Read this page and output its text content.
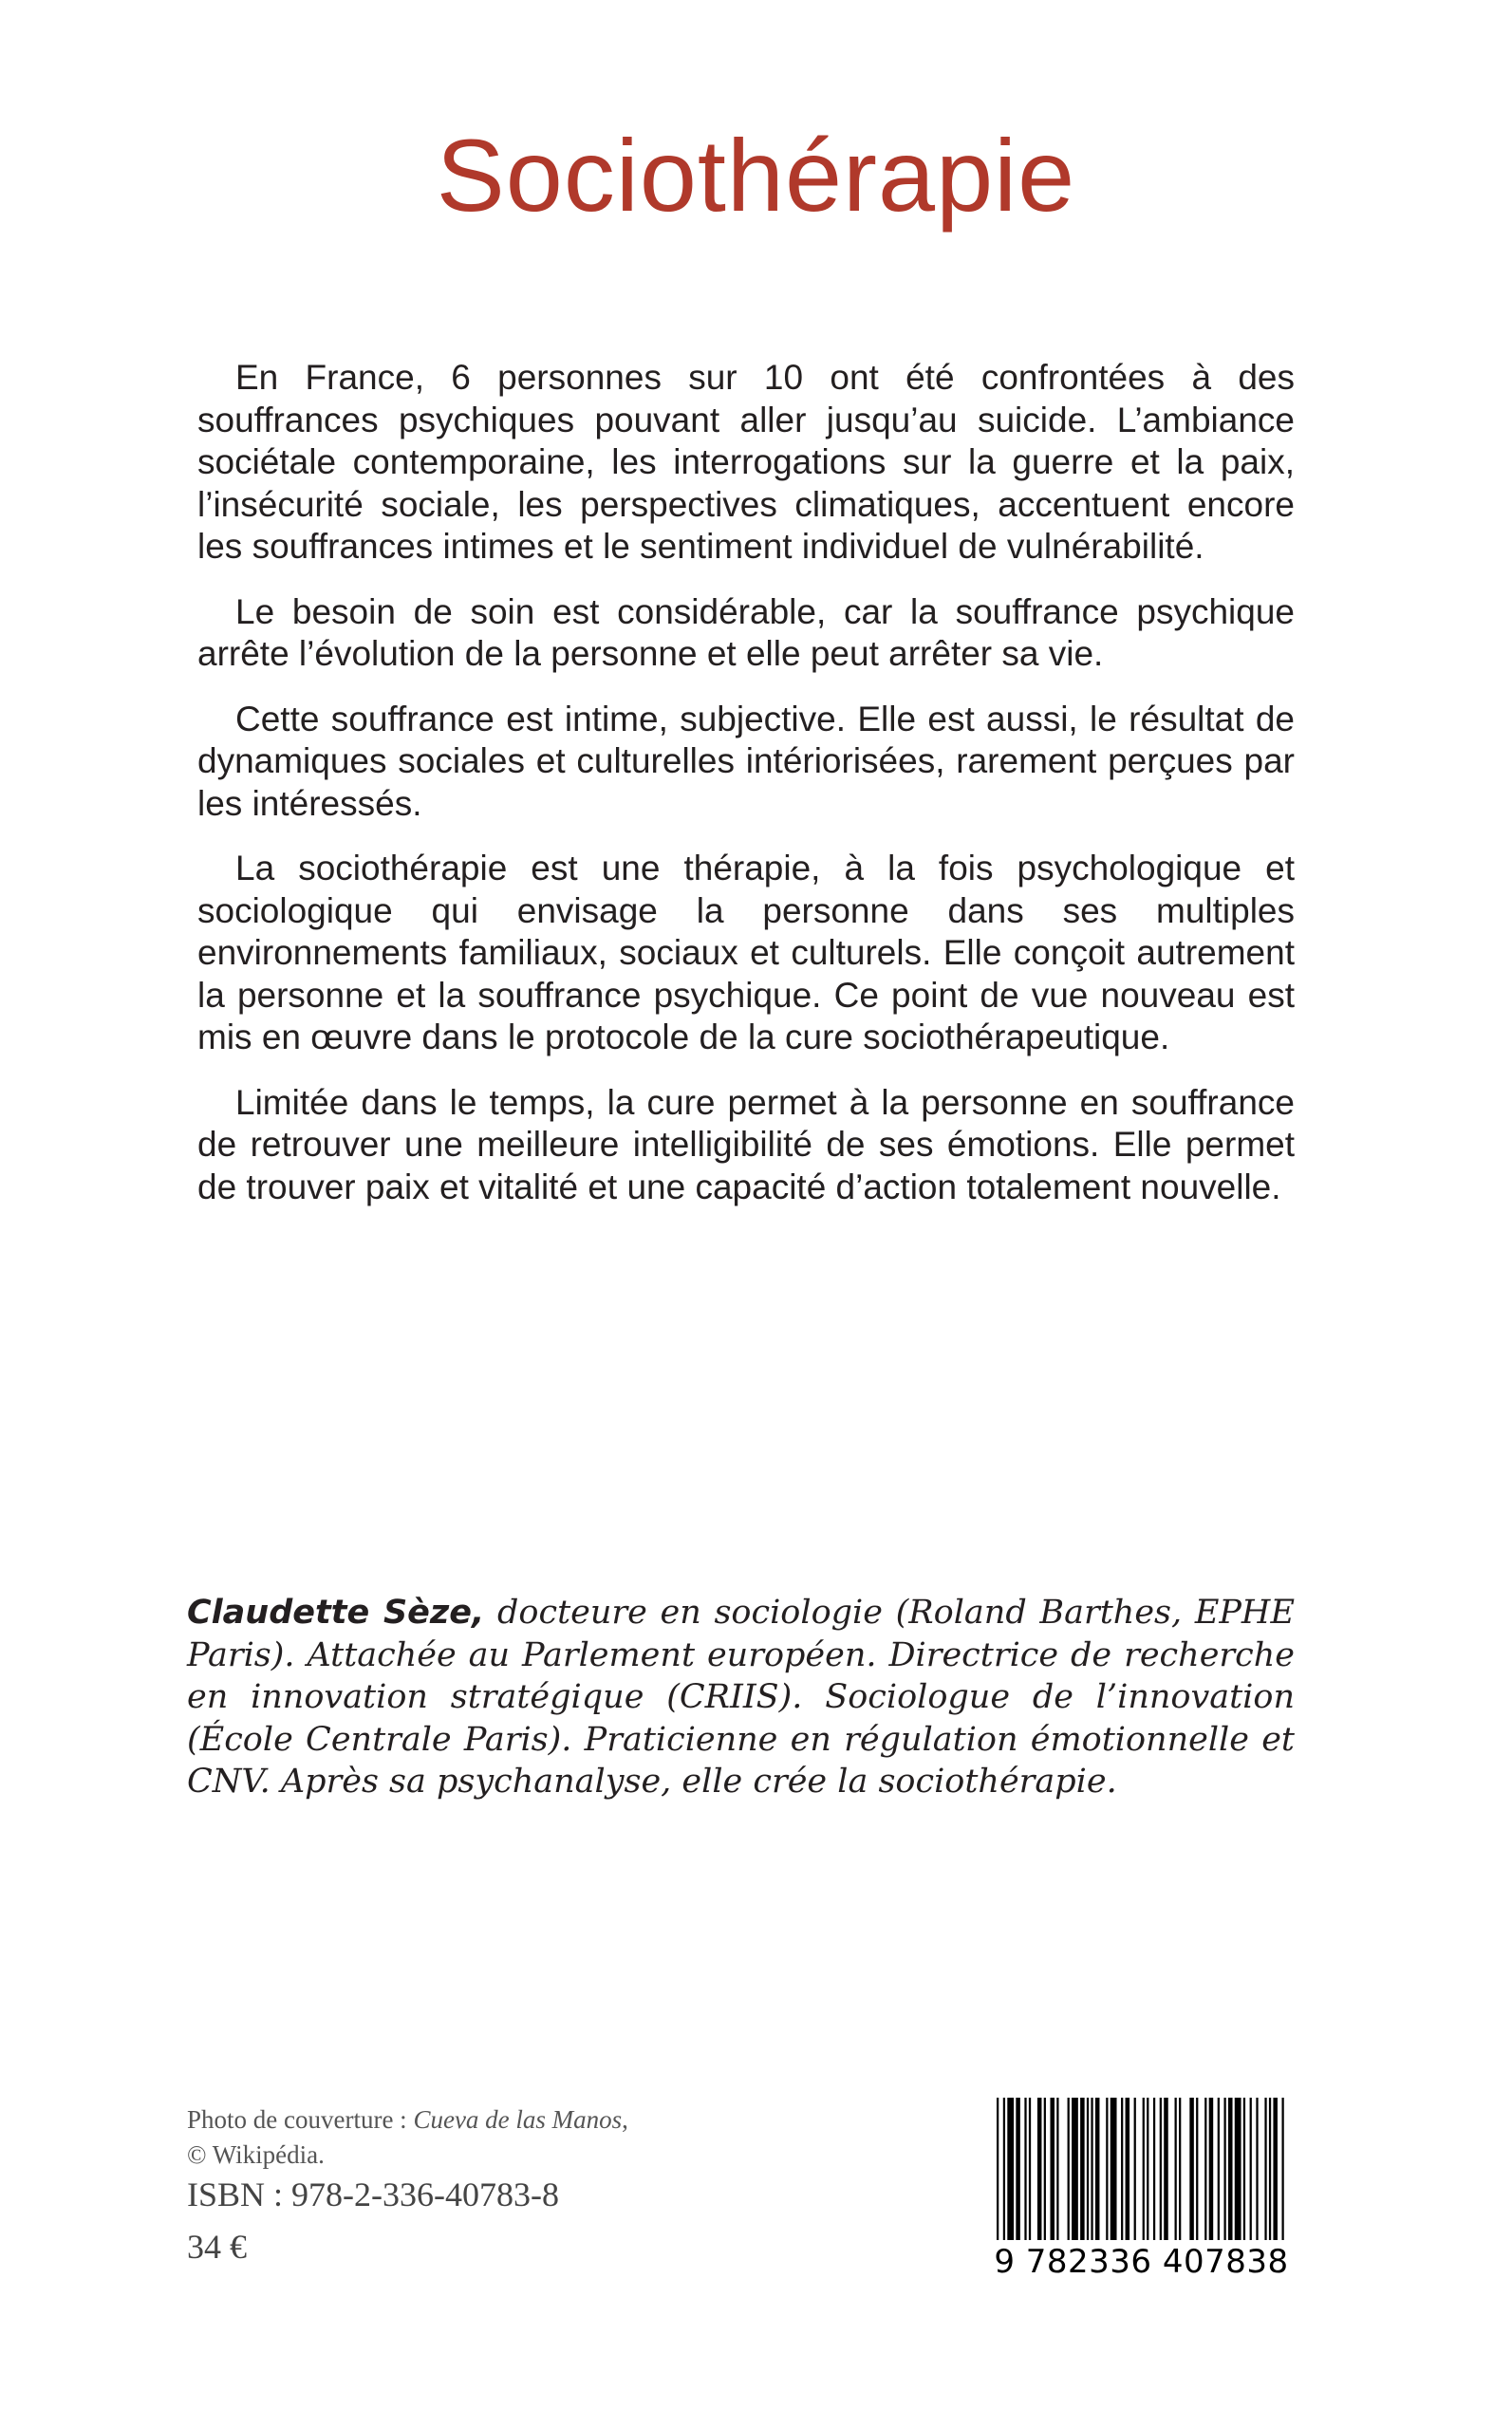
Sociothérapie

En France, 6 personnes sur 10 ont été confrontées à des souffrances psychiques pouvant aller jusqu’au suicide. L’ambiance sociétale contemporaine, les interrogations sur la guerre et la paix, l’insécurité sociale, les perspectives climatiques, accentuent encore les souffrances intimes et le sentiment individuel de vulnérabilité.

Le besoin de soin est considérable, car la souffrance psychique arrête l’évolution de la personne et elle peut arrêter sa vie.

Cette souffrance est intime, subjective. Elle est aussi, le résultat de dynamiques sociales et culturelles intériorisées, rarement perçues par les intéressés.

La sociothérapie est une thérapie, à la fois psychologique et sociologique qui envisage la personne dans ses multiples environnements familiaux, sociaux et culturels. Elle conçoit autrement la personne et la souffrance psychique. Ce point de vue nouveau est mis en œuvre dans le protocole de la cure sociothérapeutique.

Limitée dans le temps, la cure permet à la personne en souffrance de retrouver une meilleure intelligibilité de ses émotions. Elle permet de trouver paix et vitalité et une capacité d’action totalement nouvelle.

Claudette Sèze, docteure en sociologie (Roland Barthes, EPHE Paris). Attachée au Parlement européen. Directrice de recherche en innovation stratégique (CRIIS). Sociologue de l’innovation (École Centrale Paris). Praticienne en régulation émotionnelle et CNV. Après sa psychanalyse, elle crée la sociothérapie.

Photo de couverture : Cueva de las Manos,
© Wikipédia.
ISBN : 978-2-336-40783-8
34 €	9 782336 407838
